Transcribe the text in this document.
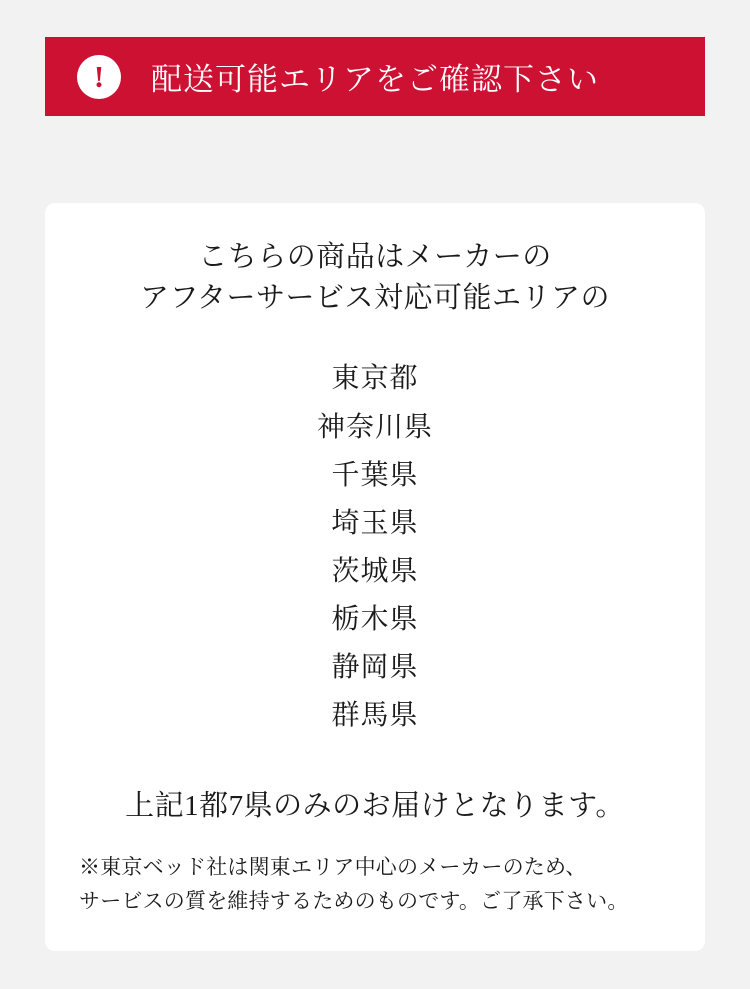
!	配送可能エリアをご確認下さい
こちらの商品はメーカーの
アフターサービス対応可能エリアの
東京都
神奈川県
千葉県
埼玉県
茨城県
栃木県
静岡県
群馬県
上記1都7県のみのお届けとなります。
※東京ベッド社は関東エリア中心のメーカーのため、
サービスの質を維持するためのものです。ご了承下さい。
